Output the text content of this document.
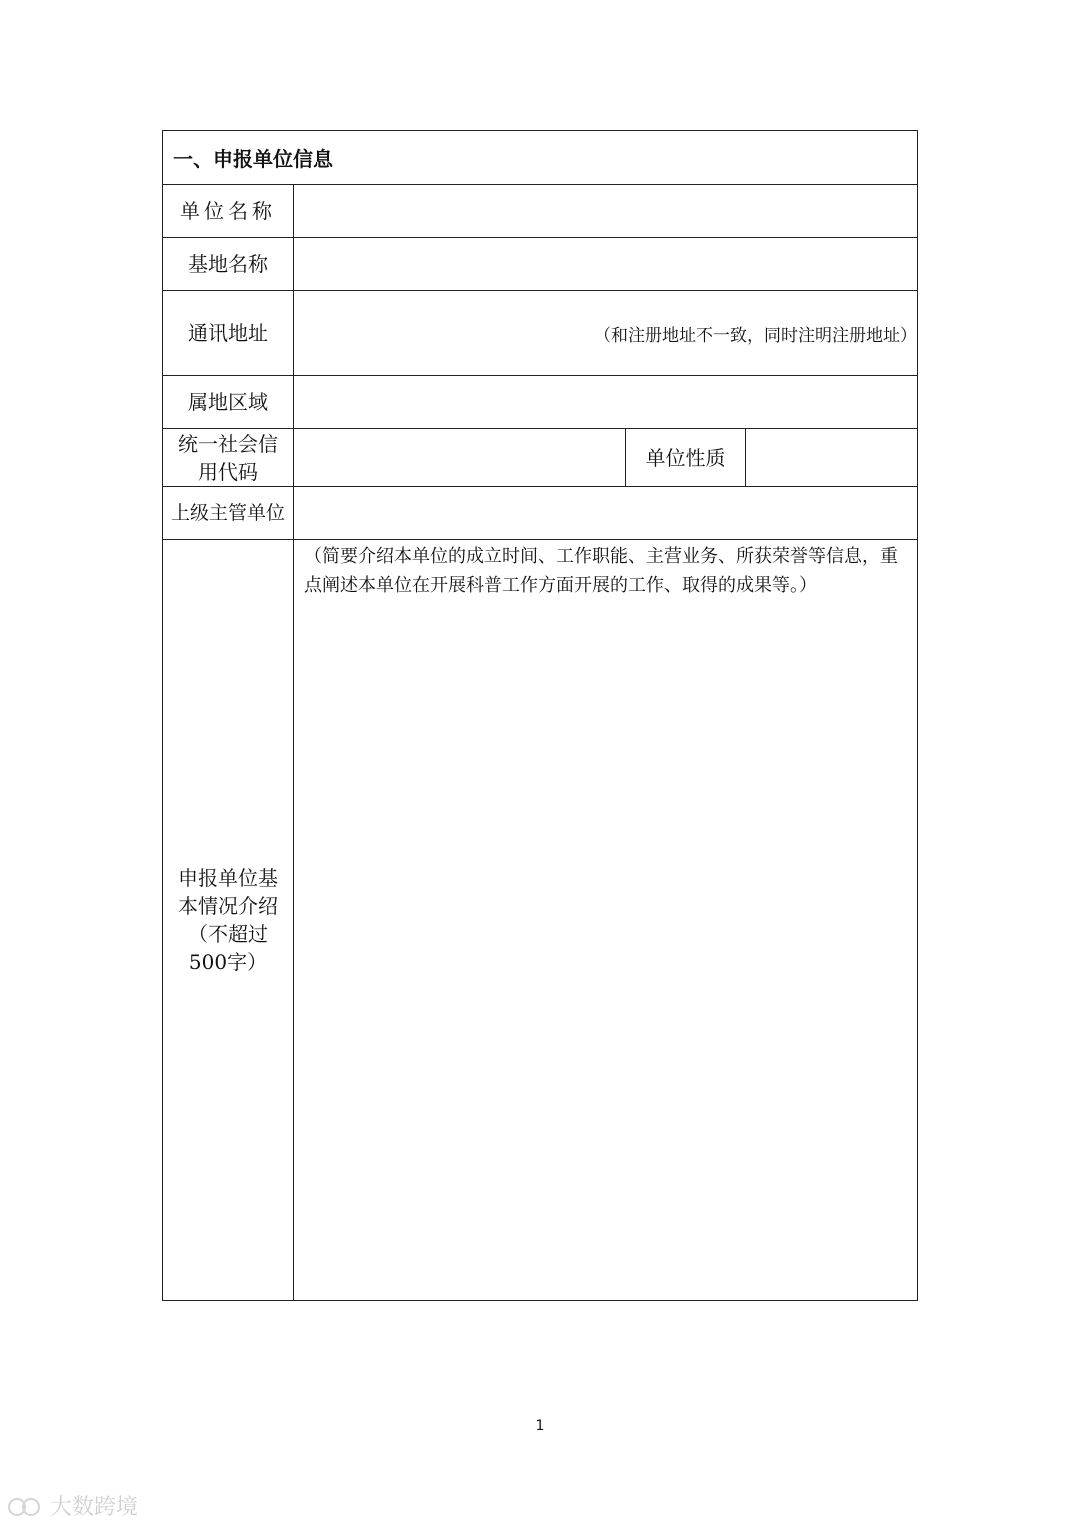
一、申报单位信息			
单位名称			
基地名称			
通讯地址	（和注册地址不一致，同时注明注册地址）		
属地区域			
统一社会信用代码		单位性质	
上级主管单位			
申报单位基本情况介绍（不超过500字）	（简要介绍本单位的成立时间、工作职能、主营业务、所获荣誉等信息，重点阐述本单位在开展科普工作方面开展的工作、取得的成果等。）		
1
大数跨境
